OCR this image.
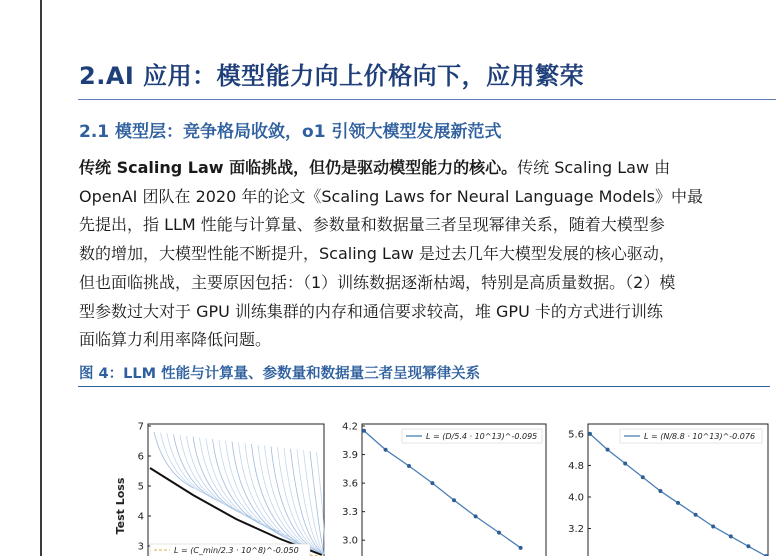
2.AI 应用：模型能力向上价格向下，应用繁荣
2.1 模型层：竞争格局收敛，o1 引领大模型发展新范式
传统 Scaling Law 面临挑战，但仍是驱动模型能力的核心。传统 Scaling Law 由
OpenAI 团队在 2020 年的论文《Scaling Laws for Neural Language Models》中最
先提出，指 LLM 性能与计算量、参数量和数据量三者呈现幂律关系，随着大模型参
数的增加，大模型性能不断提升，Scaling Law 是过去几年大模型发展的核心驱动，
但也面临挑战，主要原因包括：（1）训练数据逐渐枯竭，特别是高质量数据。（2）模
型参数过大对于 GPU 训练集群的内存和通信要求较高，堆 GPU 卡的方式进行训练
面临算力利用率降低问题。
图 4：LLM 性能与计算量、参数量和数据量三者呈现幂律关系
Test Loss
7
6
5
4
3	L = (C_min/2.3 · 10^8)^-0.050
4.2
3.9
3.6
3.3
3.0
L = (D/5.4 · 10^13)^-0.095	5.6
4.8
4.0
3.2
L = (N/8.8 · 10^13)^-0.076
